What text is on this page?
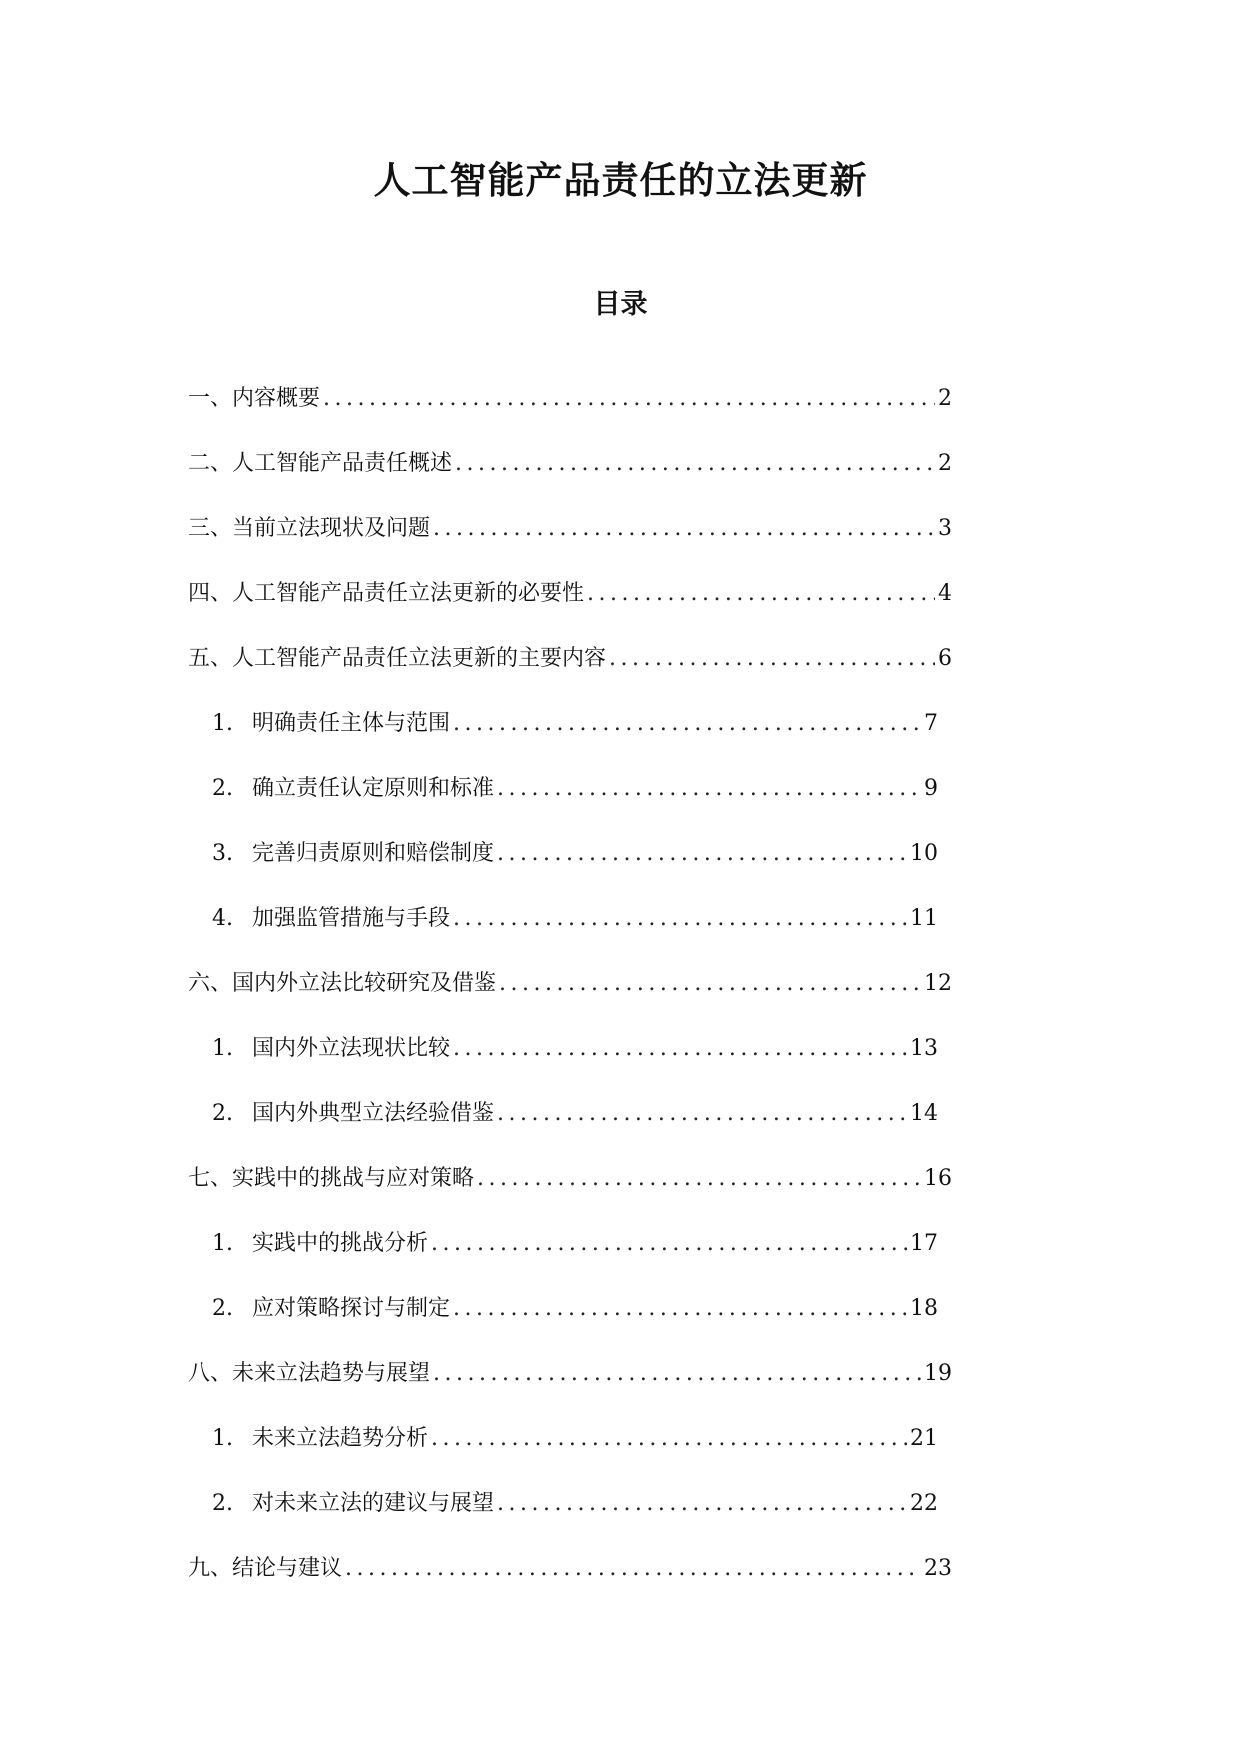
人工智能产品责任的立法更新
目录
一、内容概要 .....	2
二、人工智能产品责任概述 .....	2
三、当前立法现状及问题 .....	3
四、人工智能产品责任立法更新的必要性 .....	4
五、人工智能产品责任立法更新的主要内容 .....	6
1. 明确责任主体与范围 .....	7
2. 确立责任认定原则和标准 .....	9
3. 完善归责原则和赔偿制度 .....	10
4. 加强监管措施与手段 .....	11
六、国内外立法比较研究及借鉴 .....	12
1. 国内外立法现状比较 .....	13
2. 国内外典型立法经验借鉴 .....	14
七、实践中的挑战与应对策略 .....	16
1. 实践中的挑战分析 .....	17
2. 应对策略探讨与制定 .....	18
八、未来立法趋势与展望 .....	19
1. 未来立法趋势分析 .....	21
2. 对未来立法的建议与展望 .....	22
九、结论与建议 .....	23
